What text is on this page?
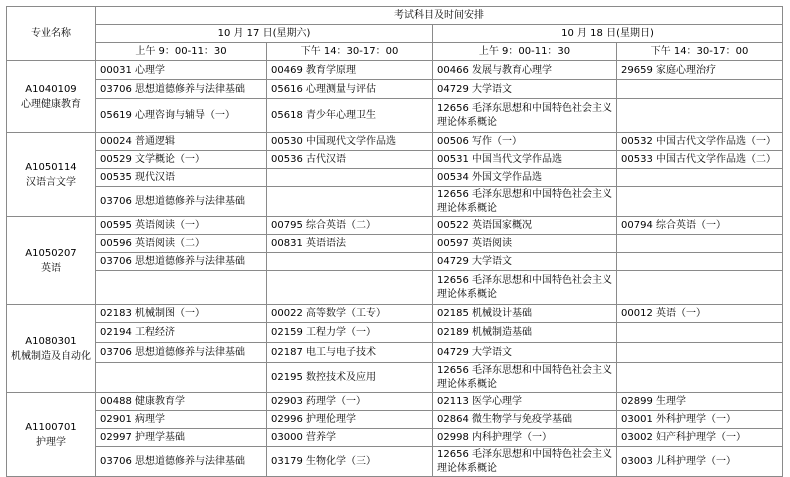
专业名称	考试科目及时间安排			
	10 月 17 日(星期六)		10 月 18 日(星期日)	
	上午 9：00-11：30	下午 14：30-17：00	上午 9：00-11：30	下午 14：30-17：00

A1040109
心理健康教育	00031 心理学	00469 教育学原理	00466 发展与教育心理学	29659 家庭心理治疗
	03706 思想道德修养与法律基础	05616 心理测量与评估	04729 大学语文	
	05619 心理咨询与辅导（一）	05618 青少年心理卫生	12656 毛泽东思想和中国特色社会主义理论体系概论	

A1050114
汉语言文学	00024 普通逻辑	00530 中国现代文学作品选	00506 写作（一）	00532 中国古代文学作品选（一）
	00529 文学概论（一）	00536 古代汉语	00531 中国当代文学作品选	00533 中国古代文学作品选（二）
	00535 现代汉语		00534 外国文学作品选	
	03706 思想道德修养与法律基础		12656 毛泽东思想和中国特色社会主义理论体系概论	

A1050207
英语	00595 英语阅读（一）	00795 综合英语（二）	00522 英语国家概况	00794 综合英语（一）
	00596 英语阅读（二）	00831 英语语法	00597 英语阅读	
	03706 思想道德修养与法律基础		04729 大学语文	
			12656 毛泽东思想和中国特色社会主义理论体系概论	

A1080301
机械制造及自动化	02183 机械制图（一）	00022 高等数学（工专）	02185 机械设计基础	00012 英语（一）
	02194 工程经济	02159 工程力学（一）	02189 机械制造基础	
	03706 思想道德修养与法律基础	02187 电工与电子技术	04729 大学语文	
		02195 数控技术及应用	12656 毛泽东思想和中国特色社会主义理论体系概论	

A1100701
护理学	00488 健康教育学	02903 药理学（一）	02113 医学心理学	02899 生理学
	02901 病理学	02996 护理伦理学	02864 微生物学与免疫学基础	03001 外科护理学（一）
	02997 护理学基础	03000 营养学	02998 内科护理学（一）	03002 妇产科护理学（一）
	03706 思想道德修养与法律基础	03179 生物化学（三）	12656 毛泽东思想和中国特色社会主义理论体系概论	03003 儿科护理学（一）
